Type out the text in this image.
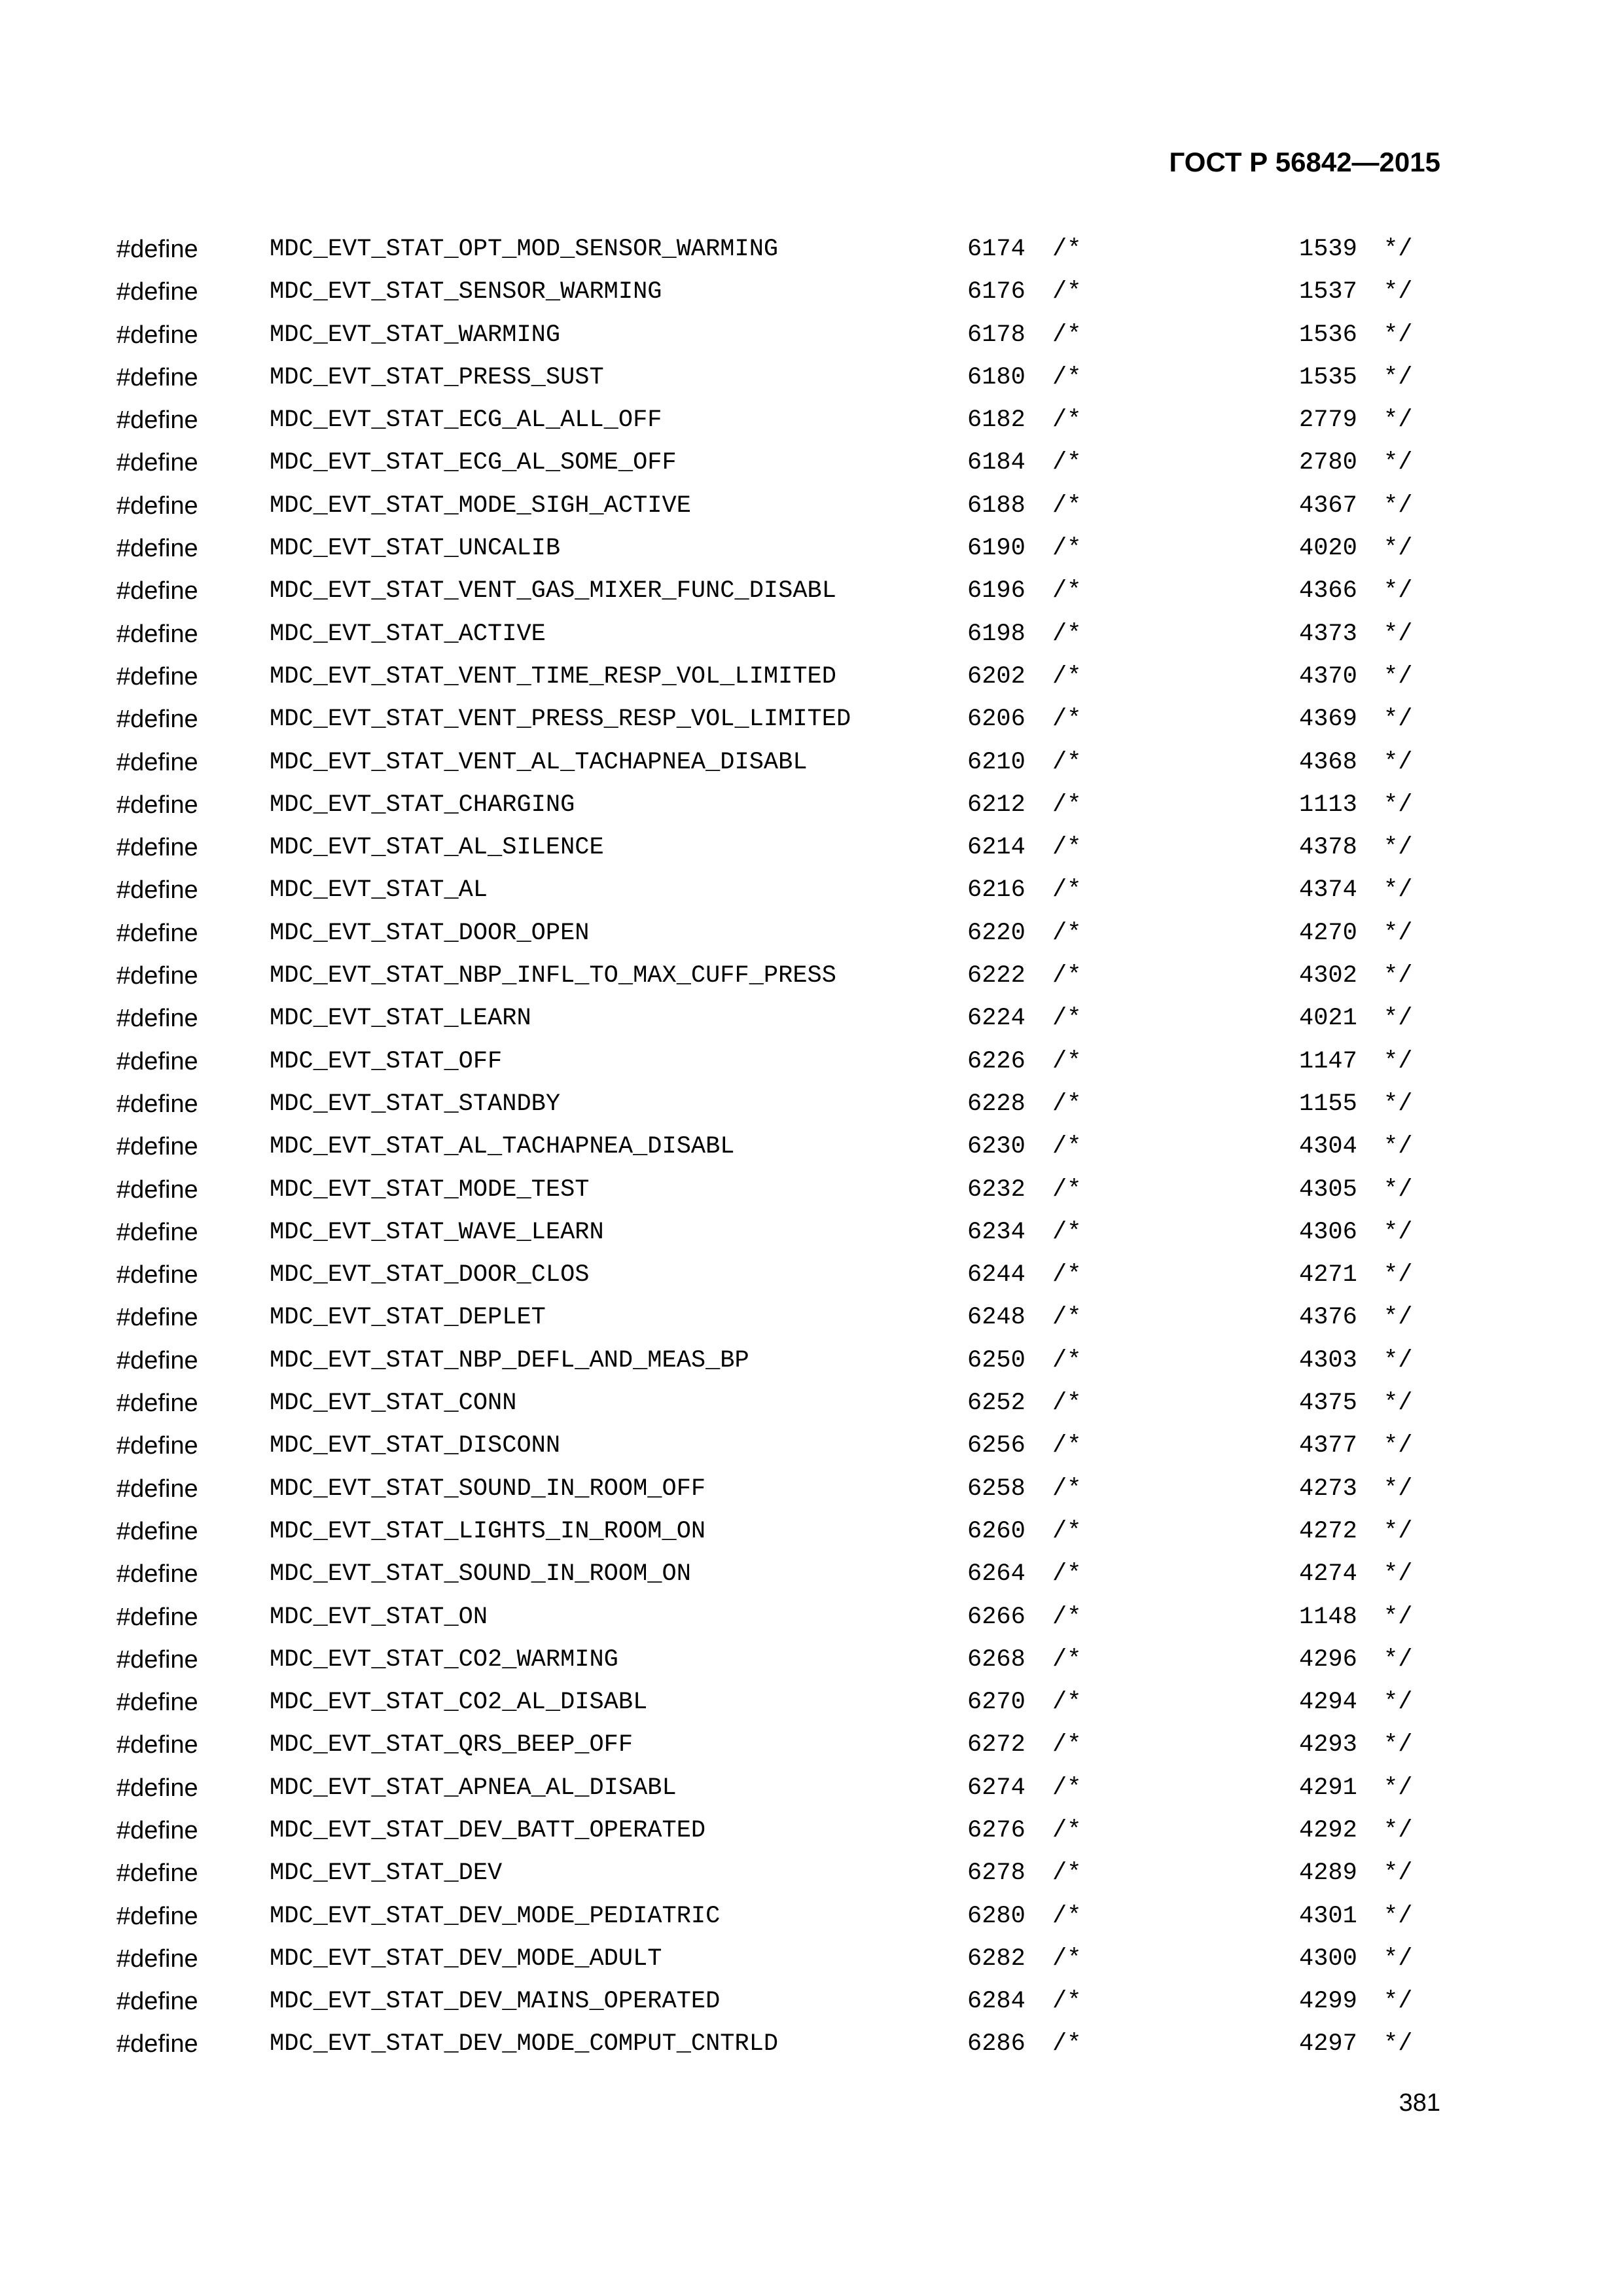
ГОСТ Р 56842—2015
#define	MDC_EVT_STAT_OPT_MOD_SENSOR_WARMING	6174 /*	1539 */
#define	MDC_EVT_STAT_SENSOR_WARMING	6176 /*	1537 */
#define	MDC_EVT_STAT_WARMING	6178 /*	1536 */
#define	MDC_EVT_STAT_PRESS_SUST	6180 /*	1535 */
#define	MDC_EVT_STAT_ECG_AL_ALL_OFF	6182 /*	2779 */
#define	MDC_EVT_STAT_ECG_AL_SOME_OFF	6184 /*	2780 */
#define	MDC_EVT_STAT_MODE_SIGH_ACTIVE	6188 /*	4367 */
#define	MDC_EVT_STAT_UNCALIB	6190 /*	4020 */
#define	MDC_EVT_STAT_VENT_GAS_MIXER_FUNC_DISABL	6196 /*	4366 */
#define	MDC_EVT_STAT_ACTIVE	6198 /*	4373 */
#define	MDC_EVT_STAT_VENT_TIME_RESP_VOL_LIMITED	6202 /*	4370 */
#define	MDC_EVT_STAT_VENT_PRESS_RESP_VOL_LIMITED	6206 /*	4369 */
#define	MDC_EVT_STAT_VENT_AL_TACHAPNEA_DISABL	6210 /*	4368 */
#define	MDC_EVT_STAT_CHARGING	6212 /*	1113 */
#define	MDC_EVT_STAT_AL_SILENCE	6214 /*	4378 */
#define	MDC_EVT_STAT_AL	6216 /*	4374 */
#define	MDC_EVT_STAT_DOOR_OPEN	6220 /*	4270 */
#define	MDC_EVT_STAT_NBP_INFL_TO_MAX_CUFF_PRESS	6222 /*	4302 */
#define	MDC_EVT_STAT_LEARN	6224 /*	4021 */
#define	MDC_EVT_STAT_OFF	6226 /*	1147 */
#define	MDC_EVT_STAT_STANDBY	6228 /*	1155 */
#define	MDC_EVT_STAT_AL_TACHAPNEA_DISABL	6230 /*	4304 */
#define	MDC_EVT_STAT_MODE_TEST	6232 /*	4305 */
#define	MDC_EVT_STAT_WAVE_LEARN	6234 /*	4306 */
#define	MDC_EVT_STAT_DOOR_CLOS	6244 /*	4271 */
#define	MDC_EVT_STAT_DEPLET	6248 /*	4376 */
#define	MDC_EVT_STAT_NBP_DEFL_AND_MEAS_BP	6250 /*	4303 */
#define	MDC_EVT_STAT_CONN	6252 /*	4375 */
#define	MDC_EVT_STAT_DISCONN	6256 /*	4377 */
#define	MDC_EVT_STAT_SOUND_IN_ROOM_OFF	6258 /*	4273 */
#define	MDC_EVT_STAT_LIGHTS_IN_ROOM_ON	6260 /*	4272 */
#define	MDC_EVT_STAT_SOUND_IN_ROOM_ON	6264 /*	4274 */
#define	MDC_EVT_STAT_ON	6266 /*	1148 */
#define	MDC_EVT_STAT_CO2_WARMING	6268 /*	4296 */
#define	MDC_EVT_STAT_CO2_AL_DISABL	6270 /*	4294 */
#define	MDC_EVT_STAT_QRS_BEEP_OFF	6272 /*	4293 */
#define	MDC_EVT_STAT_APNEA_AL_DISABL	6274 /*	4291 */
#define	MDC_EVT_STAT_DEV_BATT_OPERATED	6276 /*	4292 */
#define	MDC_EVT_STAT_DEV	6278 /*	4289 */
#define	MDC_EVT_STAT_DEV_MODE_PEDIATRIC	6280 /*	4301 */
#define	MDC_EVT_STAT_DEV_MODE_ADULT	6282 /*	4300 */
#define	MDC_EVT_STAT_DEV_MAINS_OPERATED	6284 /*	4299 */
#define	MDC_EVT_STAT_DEV_MODE_COMPUT_CNTRLD	6286 /*	4297 */
381
